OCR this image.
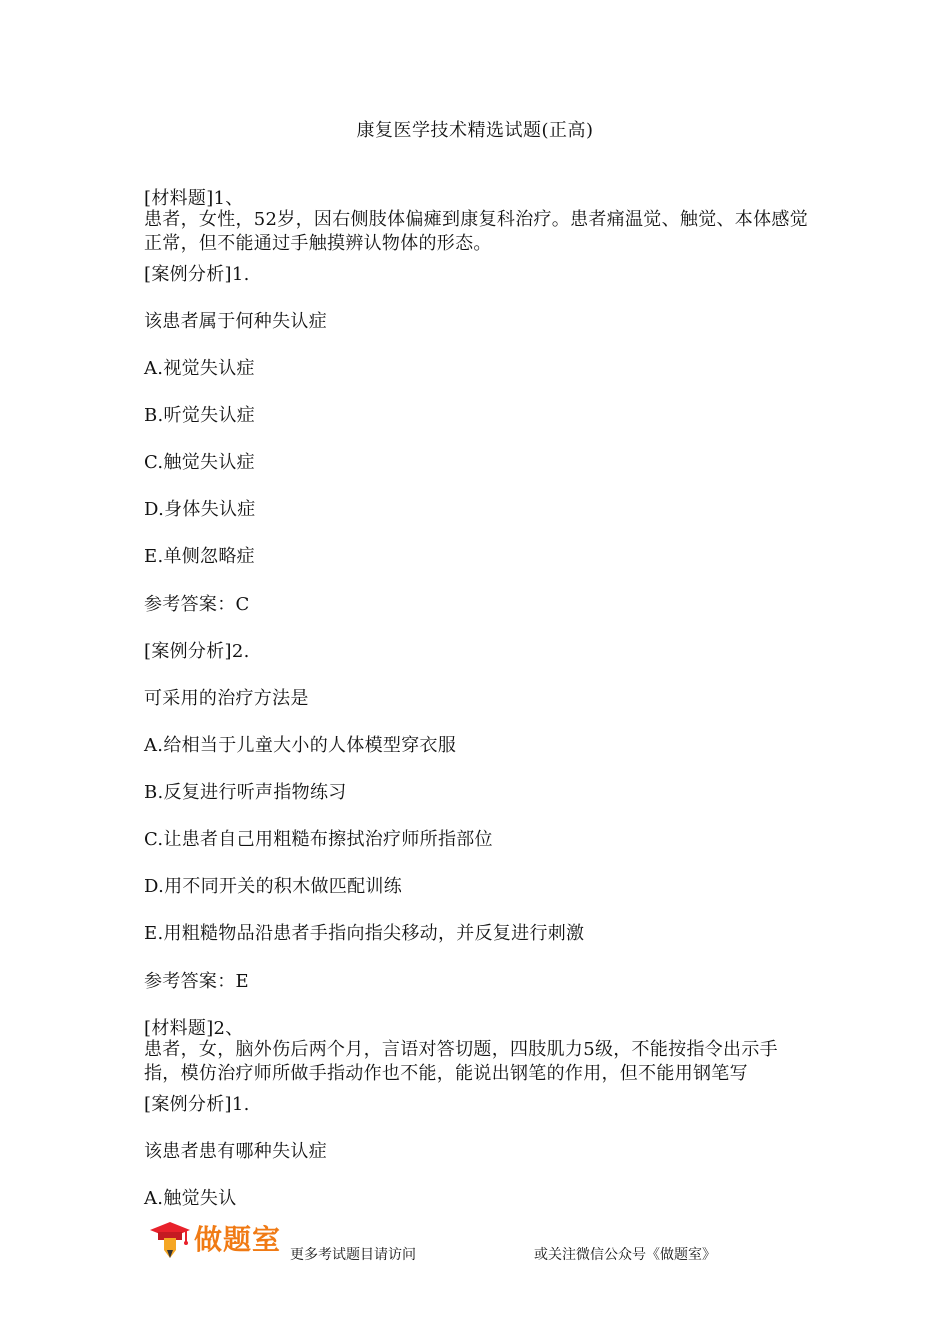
康复医学技术精选试题(正高)
[材料题]1、
患者，女性，52岁，因右侧肢体偏瘫到康复科治疗。患者痛温觉、触觉、本体感觉正常，但不能通过手触摸辨认物体的形态。
[案例分析]1.
该患者属于何种失认症
A.视觉失认症
B.听觉失认症
C.触觉失认症
D.身体失认症
E.单侧忽略症
参考答案：C
[案例分析]2.
可采用的治疗方法是
A.给相当于儿童大小的人体模型穿衣服
B.反复进行听声指物练习
C.让患者自己用粗糙布擦拭治疗师所指部位
D.用不同开关的积木做匹配训练
E.用粗糙物品沿患者手指向指尖移动，并反复进行刺激
参考答案：E
[材料题]2、
患者，女，脑外伤后两个月，言语对答切题，四肢肌力5级，不能按指令出示手指，模仿治疗师所做手指动作也不能，能说出钢笔的作用，但不能用钢笔写
[案例分析]1.
该患者患有哪种失认症
A.触觉失认
做题室 更多考试题目请访问	或关注微信公众号《做题室》
